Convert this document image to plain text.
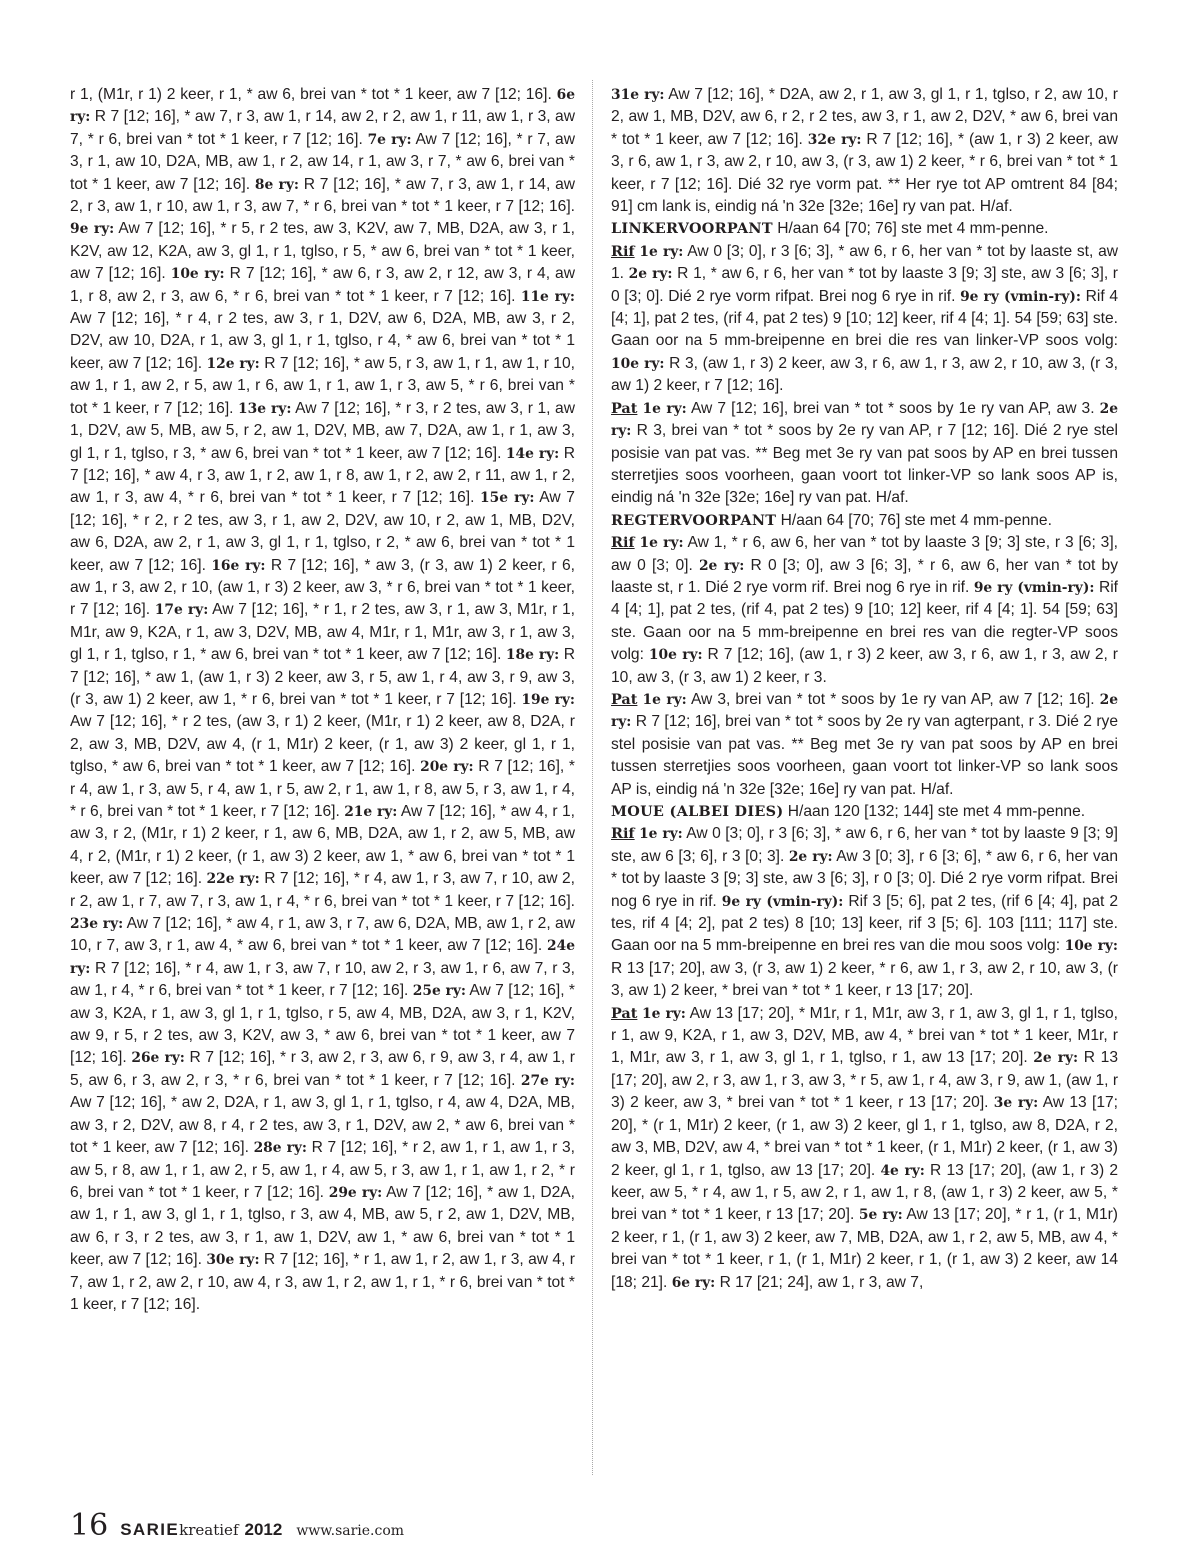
r 1, (M1r, r 1) 2 keer, r 1, * aw 6, brei van * tot * 1 keer, aw 7 [12; 16]. 6e ry: R 7 [12; 16], * aw 7, r 3, aw 1, r 14, aw 2, r 2, aw 1, r 11, aw 1, r 3, aw 7, * r 6, brei van * tot * 1 keer, r 7 [12; 16]. 7e ry: Aw 7 [12; 16], * r 7, aw 3, r 1, aw 10, D2A, MB, aw 1, r 2, aw 14, r 1, aw 3, r 7, * aw 6, brei van * tot * 1 keer, aw 7 [12; 16]. 8e ry: R 7 [12; 16], * aw 7, r 3, aw 1, r 14, aw 2, r 3, aw 1, r 10, aw 1, r 3, aw 7, * r 6, brei van * tot * 1 keer, r 7 [12; 16]. 9e ry: Aw 7 [12; 16], * r 5, r 2 tes, aw 3, K2V, aw 7, MB, D2A, aw 3, r 1, K2V, aw 12, K2A, aw 3, gl 1, r 1, tglso, r 5, * aw 6, brei van * tot * 1 keer, aw 7 [12; 16]. 10e ry: R 7 [12; 16], * aw 6, r 3, aw 2, r 12, aw 3, r 4, aw 1, r 8, aw 2, r 3, aw 6, * r 6, brei van * tot * 1 keer, r 7 [12; 16]. 11e ry: Aw 7 [12; 16], * r 4, r 2 tes, aw 3, r 1, D2V, aw 6, D2A, MB, aw 3, r 2, D2V, aw 10, D2A, r 1, aw 3, gl 1, r 1, tglso, r 4, * aw 6, brei van * tot * 1 keer, aw 7 [12; 16]. 12e ry: R 7 [12; 16], * aw 5, r 3, aw 1, r 1, aw 1, r 10, aw 1, r 1, aw 2, r 5, aw 1, r 6, aw 1, r 1, aw 1, r 3, aw 5, * r 6, brei van * tot * 1 keer, r 7 [12; 16]. 13e ry: Aw 7 [12; 16], * r 3, r 2 tes, aw 3, r 1, aw 1, D2V, aw 5, MB, aw 5, r 2, aw 1, D2V, MB, aw 7, D2A, aw 1, r 1, aw 3, gl 1, r 1, tglso, r 3, * aw 6, brei van * tot * 1 keer, aw 7 [12; 16]. 14e ry: R 7 [12; 16], * aw 4, r 3, aw 1, r 2, aw 1, r 8, aw 1, r 2, aw 2, r 11, aw 1, r 2, aw 1, r 3, aw 4, * r 6, brei van * tot * 1 keer, r 7 [12; 16]. 15e ry: Aw 7 [12; 16], * r 2, r 2 tes, aw 3, r 1, aw 2, D2V, aw 10, r 2, aw 1, MB, D2V, aw 6, D2A, aw 2, r 1, aw 3, gl 1, r 1, tglso, r 2, * aw 6, brei van * tot * 1 keer, aw 7 [12; 16]. 16e ry: R 7 [12; 16], * aw 3, (r 3, aw 1) 2 keer, r 6, aw 1, r 3, aw 2, r 10, (aw 1, r 3) 2 keer, aw 3, * r 6, brei van * tot * 1 keer, r 7 [12; 16]. 17e ry: Aw 7 [12; 16], * r 1, r 2 tes, aw 3, r 1, aw 3, M1r, r 1, M1r, aw 9, K2A, r 1, aw 3, D2V, MB, aw 4, M1r, r 1, M1r, aw 3, r 1, aw 3, gl 1, r 1, tglso, r 1, * aw 6, brei van * tot * 1 keer, aw 7 [12; 16]. 18e ry: R 7 [12; 16], * aw 1, (aw 1, r 3) 2 keer, aw 3, r 5, aw 1, r 4, aw 3, r 9, aw 3, (r 3, aw 1) 2 keer, aw 1, * r 6, brei van * tot * 1 keer, r 7 [12; 16]. 19e ry: Aw 7 [12; 16], * r 2 tes, (aw 3, r 1) 2 keer, (M1r, r 1) 2 keer, aw 8, D2A, r 2, aw 3, MB, D2V, aw 4, (r 1, M1r) 2 keer, (r 1, aw 3) 2 keer, gl 1, r 1, tglso, * aw 6, brei van * tot * 1 keer, aw 7 [12; 16]. 20e ry: R 7 [12; 16], * r 4, aw 1, r 3, aw 5, r 4, aw 1, r 5, aw 2, r 1, aw 1, r 8, aw 5, r 3, aw 1, r 4, * r 6, brei van * tot * 1 keer, r 7 [12; 16]. 21e ry: Aw 7 [12; 16], * aw 4, r 1, aw 3, r 2, (M1r, r 1) 2 keer, r 1, aw 6, MB, D2A, aw 1, r 2, aw 5, MB, aw 4, r 2, (M1r, r 1) 2 keer, (r 1, aw 3) 2 keer, aw 1, * aw 6, brei van * tot * 1 keer, aw 7 [12; 16]. 22e ry: R 7 [12; 16], * r 4, aw 1, r 3, aw 7, r 10, aw 2, r 2, aw 1, r 7, aw 7, r 3, aw 1, r 4, * r 6, brei van * tot * 1 keer, r 7 [12; 16]. 23e ry: Aw 7 [12; 16], * aw 4, r 1, aw 3, r 7, aw 6, D2A, MB, aw 1, r 2, aw 10, r 7, aw 3, r 1, aw 4, * aw 6, brei van * tot * 1 keer, aw 7 [12; 16]. 24e ry: R 7 [12; 16], * r 4, aw 1, r 3, aw 7, r 10, aw 2, r 3, aw 1, r 6, aw 7, r 3, aw 1, r 4, * r 6, brei van * tot * 1 keer, r 7 [12; 16]. 25e ry: Aw 7 [12; 16], * aw 3, K2A, r 1, aw 3, gl 1, r 1, tglso, r 5, aw 4, MB, D2A, aw 3, r 1, K2V, aw 9, r 5, r 2 tes, aw 3, K2V, aw 3, * aw 6, brei van * tot * 1 keer, aw 7 [12; 16]. 26e ry: R 7 [12; 16], * r 3, aw 2, r 3, aw 6, r 9, aw 3, r 4, aw 1, r 5, aw 6, r 3, aw 2, r 3, * r 6, brei van * tot * 1 keer, r 7 [12; 16]. 27e ry: Aw 7 [12; 16], * aw 2, D2A, r 1, aw 3, gl 1, r 1, tglso, r 4, aw 4, D2A, MB, aw 3, r 2, D2V, aw 8, r 4, r 2 tes, aw 3, r 1, D2V, aw 2, * aw 6, brei van * tot * 1 keer, aw 7 [12; 16]. 28e ry: R 7 [12; 16], * r 2, aw 1, r 1, aw 1, r 3, aw 5, r 8, aw 1, r 1, aw 2, r 5, aw 1, r 4, aw 5, r 3, aw 1, r 1, aw 1, r 2, * r 6, brei van * tot * 1 keer, r 7 [12; 16]. 29e ry: Aw 7 [12; 16], * aw 1, D2A, aw 1, r 1, aw 3, gl 1, r 1, tglso, r 3, aw 4, MB, aw 5, r 2, aw 1, D2V, MB, aw 6, r 3, r 2 tes, aw 3, r 1, aw 1, D2V, aw 1, * aw 6, brei van * tot * 1 keer, aw 7 [12; 16]. 30e ry: R 7 [12; 16], * r 1, aw 1, r 2, aw 1, r 3, aw 4, r 7, aw 1, r 2, aw 2, r 10, aw 4, r 3, aw 1, r 2, aw 1, r 1, * r 6, brei van * tot * 1 keer, r 7 [12; 16].

31e ry: Aw 7 [12; 16], * D2A, aw 2, r 1, aw 3, gl 1, r 1, tglso, r 2, aw 10, r 2, aw 1, MB, D2V, aw 6, r 2, r 2 tes, aw 3, r 1, aw 2, D2V, * aw 6, brei van * tot * 1 keer, aw 7 [12; 16]. 32e ry: R 7 [12; 16], * (aw 1, r 3) 2 keer, aw 3, r 6, aw 1, r 3, aw 2, r 10, aw 3, (r 3, aw 1) 2 keer, * r 6, brei van * tot * 1 keer, r 7 [12; 16]. Dié 32 rye vorm pat. ** Her rye tot AP omtrent 84 [84; 91] cm lank is, eindig ná 'n 32e [32e; 16e] ry van pat. H/af.

LINKERVOORPANT H/aan 64 [70; 76] ste met 4 mm-penne.

Rif 1e ry: Aw 0 [3; 0], r 3 [6; 3], * aw 6, r 6, her van * tot by laaste st, aw 1. 2e ry: R 1, * aw 6, r 6, her van * tot by laaste 3 [9; 3] ste, aw 3 [6; 3], r 0 [3; 0]. Dié 2 rye vorm rifpat. Brei nog 6 rye in rif. 9e ry (vmin-ry): Rif 4 [4; 1], pat 2 tes, (rif 4, pat 2 tes) 9 [10; 12] keer, rif 4 [4; 1]. 54 [59; 63] ste. Gaan oor na 5 mm-breipenne en brei die res van linker-VP soos volg: 10e ry: R 3, (aw 1, r 3) 2 keer, aw 3, r 6, aw 1, r 3, aw 2, r 10, aw 3, (r 3, aw 1) 2 keer, r 7 [12; 16].

Pat 1e ry: Aw 7 [12; 16], brei van * tot * soos by 1e ry van AP, aw 3. 2e ry: R 3, brei van * tot * soos by 2e ry van AP, r 7 [12; 16]. Dié 2 rye stel posisie van pat vas. ** Beg met 3e ry van pat soos by AP en brei tussen sterretjies soos voorheen, gaan voort tot linker-VP so lank soos AP is, eindig ná 'n 32e [32e; 16e] ry van pat. H/af.

REGTERVOORPANT H/aan 64 [70; 76] ste met 4 mm-penne.

Rif 1e ry: Aw 1, * r 6, aw 6, her van * tot by laaste 3 [9; 3] ste, r 3 [6; 3], aw 0 [3; 0]. 2e ry: R 0 [3; 0], aw 3 [6; 3], * r 6, aw 6, her van * tot by laaste st, r 1. Dié 2 rye vorm rif. Brei nog 6 rye in rif. 9e ry (vmin-ry): Rif 4 [4; 1], pat 2 tes, (rif 4, pat 2 tes) 9 [10; 12] keer, rif 4 [4; 1]. 54 [59; 63] ste. Gaan oor na 5 mm-breipenne en brei res van die regter-VP soos volg: 10e ry: R 7 [12; 16], (aw 1, r 3) 2 keer, aw 3, r 6, aw 1, r 3, aw 2, r 10, aw 3, (r 3, aw 1) 2 keer, r 3.

Pat 1e ry: Aw 3, brei van * tot * soos by 1e ry van AP, aw 7 [12; 16]. 2e ry: R 7 [12; 16], brei van * tot * soos by 2e ry van agterpant, r 3. Dié 2 rye stel posisie van pat vas. ** Beg met 3e ry van pat soos by AP en brei tussen sterretjies soos voorheen, gaan voort tot linker-VP so lank soos AP is, eindig ná 'n 32e [32e; 16e] ry van pat. H/af.

MOUE (ALBEI DIES) H/aan 120 [132; 144] ste met 4 mm-penne.

Rif 1e ry: Aw 0 [3; 0], r 3 [6; 3], * aw 6, r 6, her van * tot by laaste 9 [3; 9] ste, aw 6 [3; 6], r 3 [0; 3]. 2e ry: Aw 3 [0; 3], r 6 [3; 6], * aw 6, r 6, her van * tot by laaste 3 [9; 3] ste, aw 3 [6; 3], r 0 [3; 0]. Dié 2 rye vorm rifpat. Brei nog 6 rye in rif. 9e ry (vmin-ry): Rif 3 [5; 6], pat 2 tes, (rif 6 [4; 4], pat 2 tes, rif 4 [4; 2], pat 2 tes) 8 [10; 13] keer, rif 3 [5; 6]. 103 [111; 117] ste. Gaan oor na 5 mm-breipenne en brei res van die mou soos volg: 10e ry: R 13 [17; 20], aw 3, (r 3, aw 1) 2 keer, * r 6, aw 1, r 3, aw 2, r 10, aw 3, (r 3, aw 1) 2 keer, * brei van * tot * 1 keer, r 13 [17; 20].

Pat 1e ry: Aw 13 [17; 20], * M1r, r 1, M1r, aw 3, r 1, aw 3, gl 1, r 1, tglso, r 1, aw 9, K2A, r 1, aw 3, D2V, MB, aw 4, * brei van * tot * 1 keer, M1r, r 1, M1r, aw 3, r 1, aw 3, gl 1, r 1, tglso, r 1, aw 13 [17; 20]. 2e ry: R 13 [17; 20], aw 2, r 3, aw 1, r 3, aw 3, * r 5, aw 1, r 4, aw 3, r 9, aw 1, (aw 1, r 3) 2 keer, aw 3, * brei van * tot * 1 keer, r 13 [17; 20]. 3e ry: Aw 13 [17; 20], * (r 1, M1r) 2 keer, (r 1, aw 3) 2 keer, gl 1, r 1, tglso, aw 8, D2A, r 2, aw 3, MB, D2V, aw 4, * brei van * tot * 1 keer, (r 1, M1r) 2 keer, (r 1, aw 3) 2 keer, gl 1, r 1, tglso, aw 13 [17; 20]. 4e ry: R 13 [17; 20], (aw 1, r 3) 2 keer, aw 5, * r 4, aw 1, r 5, aw 2, r 1, aw 1, r 8, (aw 1, r 3) 2 keer, aw 5, * brei van * tot * 1 keer, r 13 [17; 20]. 5e ry: Aw 13 [17; 20], * r 1, (r 1, M1r) 2 keer, r 1, (r 1, aw 3) 2 keer, aw 7, MB, D2A, aw 1, r 2, aw 5, MB, aw 4, * brei van * tot * 1 keer, r 1, (r 1, M1r) 2 keer, r 1, (r 1, aw 3) 2 keer, aw 14 [18; 21]. 6e ry: R 17 [21; 24], aw 1, r 3, aw 7,

16 SARIE kreatief 2012 www.sarie.com
